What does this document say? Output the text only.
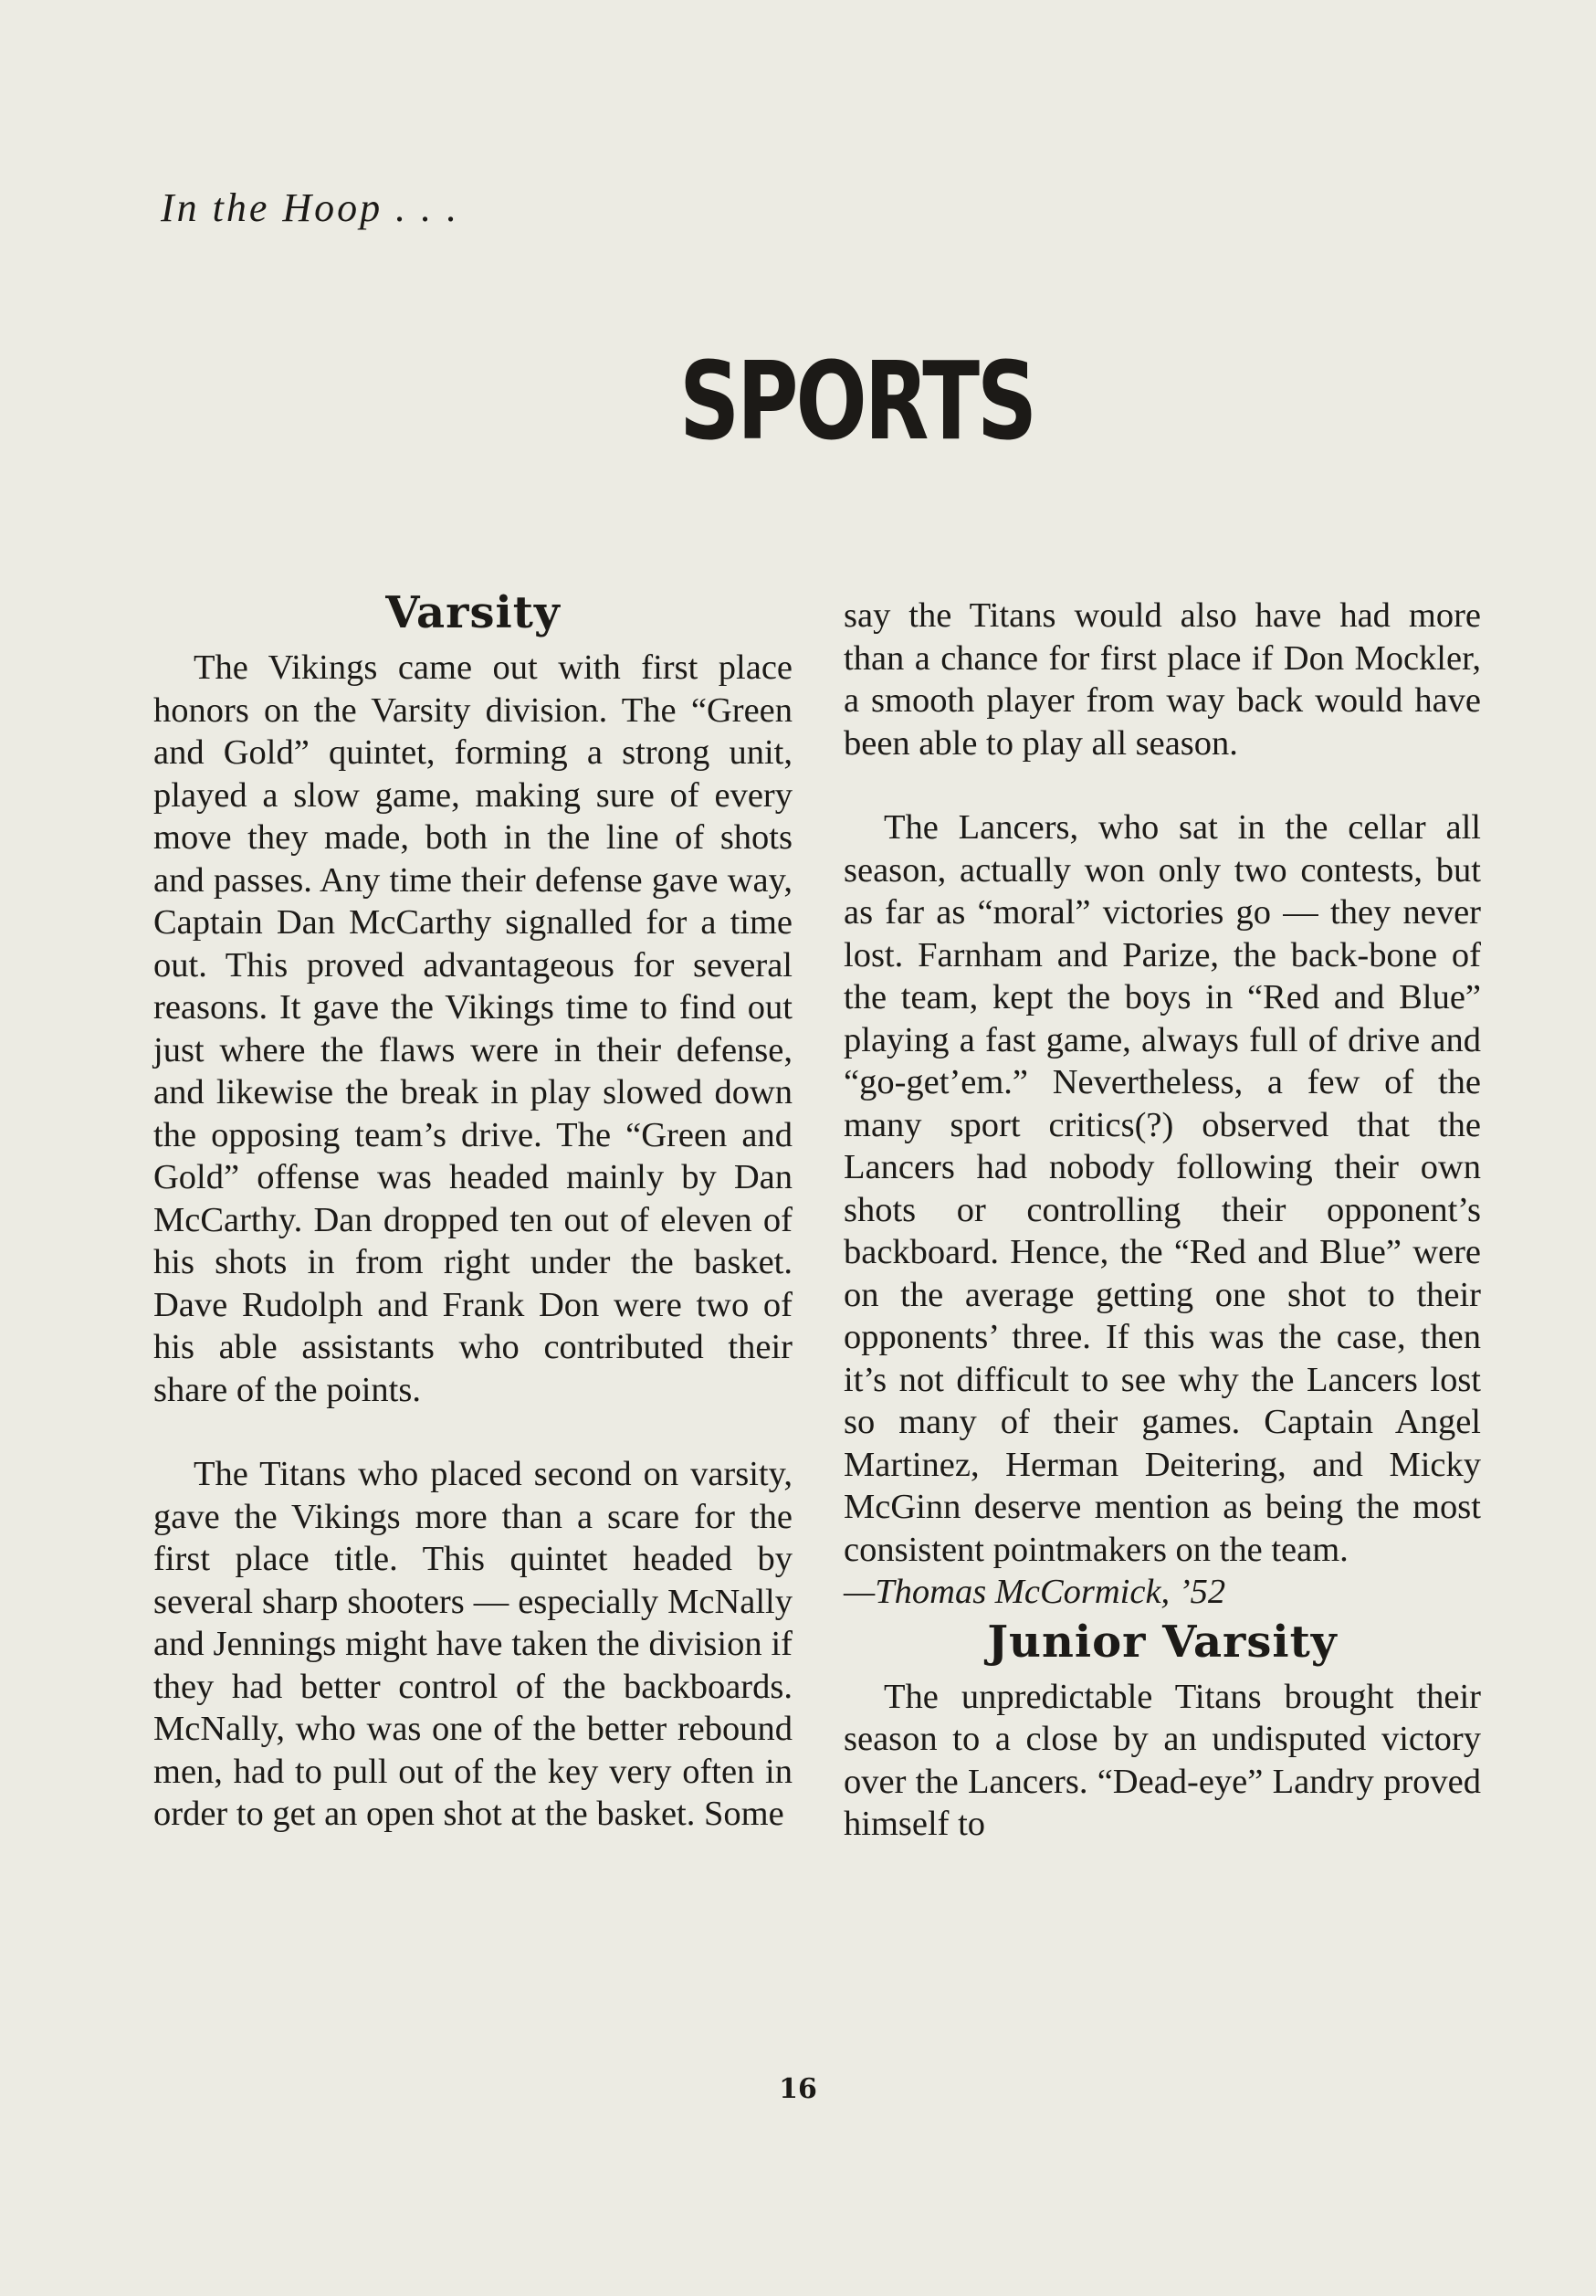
In the Hoop . . .
SPORTS
Varsity

The Vikings came out with first place honors on the Varsity division. The “Green and Gold” quintet, forming a strong unit, played a slow game, making sure of every move they made, both in the line of shots and passes. Any time their defense gave way, Captain Dan McCarthy signalled for a time out. This proved advantageous for several reasons. It gave the Vikings time to find out just where the flaws were in their defense, and likewise the break in play slowed down the opposing team’s drive. The “Green and Gold” offense was headed mainly by Dan McCarthy. Dan dropped ten out of eleven of his shots in from right under the basket. Dave Rudolph and Frank Don were two of his able assistants who contributed their share of the points.

The Titans who placed second on varsity, gave the Vikings more than a scare for the first place title. This quintet headed by several sharp shooters — especially McNally and Jennings might have taken the division if they had better control of the backboards. McNally, who was one of the better rebound men, had to pull out of the key very often in order to get an open shot at the basket. Some

say the Titans would also have had more than a chance for first place if Don Mockler, a smooth player from way back would have been able to play all season.

The Lancers, who sat in the cellar all season, actually won only two contests, but as far as “moral” victories go — they never lost. Farnham and Parize, the back-bone of the team, kept the boys in “Red and Blue” playing a fast game, always full of drive and “go-get’em.” Nevertheless, a few of the many sport critics(?) observed that the Lancers had nobody following their own shots or controlling their opponent’s backboard. Hence, the “Red and Blue” were on the average getting one shot to their opponents’ three. If this was the case, then it’s not difficult to see why the Lancers lost so many of their games. Captain Angel Martinez, Herman Deitering, and Micky McGinn deserve mention as being the most consistent pointmakers on the team.

—Thomas McCormick, ’52

Junior Varsity

The unpredictable Titans brought their season to a close by an undisputed victory over the Lancers. “Dead-eye” Landry proved himself to

16
